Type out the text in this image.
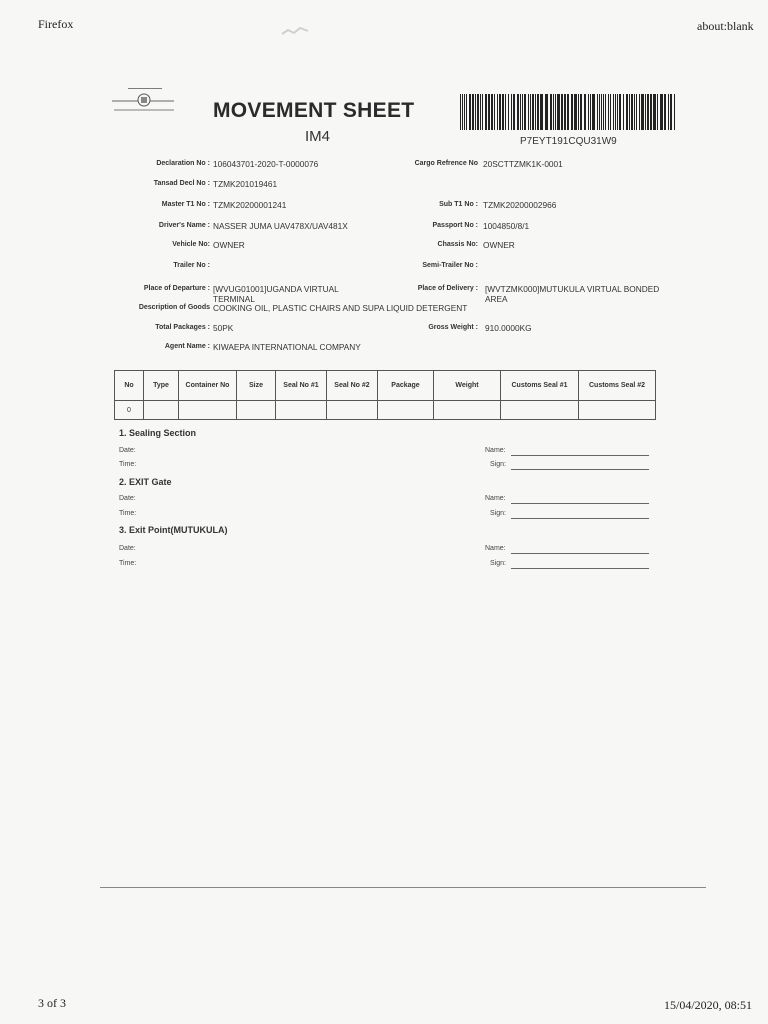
Firefox	about:blank
3 of 3	15/04/2020, 08:51
MOVEMENT SHEET
IM4	P7EYT191CQU31W9
Declaration No : 106043701-2020-T-0000076
Tansad Decl No : TZMK201019461
Master T1 No : TZMK20200001241
Driver's Name : NASSER JUMA UAV478X/UAV481X
Vehicle No: OWNER
Trailer No :
Place of Departure : [WVUG01001]UGANDA VIRTUAL
TERMINAL
Description of Goods COOKING OIL, PLASTIC CHAIRS AND SUPA LIQUID DETERGENT
Total Packages : 50PK
Agent Name : KIWAEPA INTERNATIONAL COMPANY
Cargo Refrence No 20SCTTZMK1K-0001
Sub T1 No : TZMK20200002966
Passport No : 1004850/8/1
Chassis No: OWNER
Semi-Trailer No :
Place of Delivery : [WVTZMK000]MUTUKULA VIRTUAL BONDED
AREA
Gross Weight : 910.0000KG
No	Type	Container No	Size	Seal No #1	Seal No #2	Package	Weight	Customs Seal #1	Customs Seal #2
0									
1. Sealing Section
Date:
Time:
Name:
Sign:
2. EXIT Gate
Date:
Time:
Name:
Sign:
3. Exit Point(MUTUKULA)
Date:
Time:
Name:
Sign:
